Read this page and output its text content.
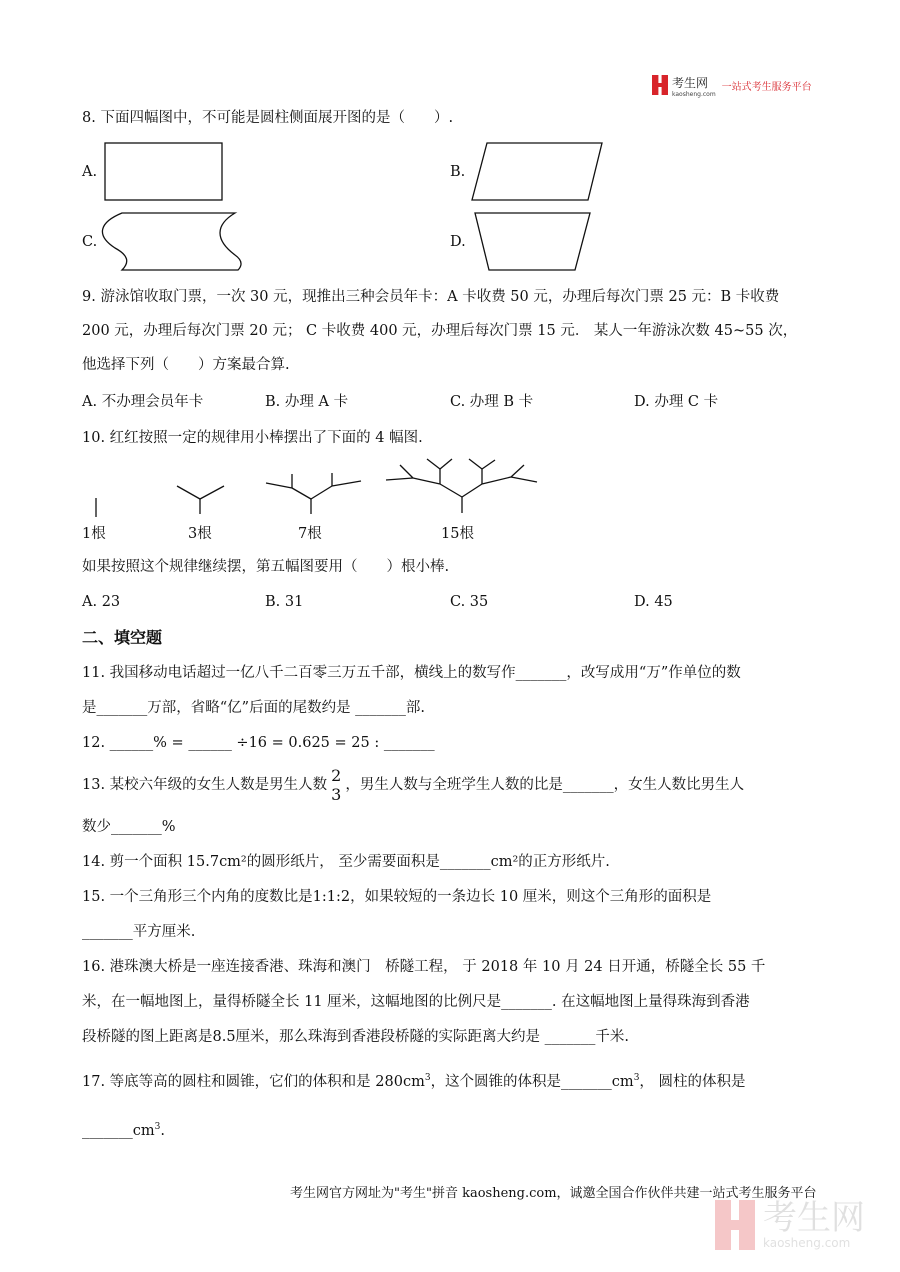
考生网
kaosheng.com
一站式考生服务平台
8. 下面四幅图中，不可能是圆柱侧面展开图的是（　　）.
A.	B.
C.	D.
9. 游泳馆收取门票，一次 30 元，现推出三种会员年卡：A 卡收费 50 元，办理后每次门票 25 元：B 卡收费
200 元，办理后每次门票 20 元； C 卡收费 400 元，办理后每次门票 15 元． 某人一年游泳次数 45~55 次，
他选择下列（　　）方案最合算.
A. 不办理会员年卡	B. 办理 A 卡	C. 办理 B 卡	D. 办理 C 卡
10. 红红按照一定的规律用小棒摆出了下面的 4 幅图.
1根	3根	7根	15根
如果按照这个规律继续摆，第五幅图要用（　　）根小棒.
A. 23	B. 31	C. 35	D. 45
二、填空题
11. 我国移动电话超过一亿八千二百零三万五千部，横线上的数写作_______，改写成用“万”作单位的数
是_______万部，省略“亿”后面的尾数约是 _______部.
12. ______% = ______ ÷16 = 0.625 = 25 : _______
13. 某校六年级的女生人数是男生人数
2
3 ，男生人数与全班学生人数的比是_______，女生人数比男生人
数少_______%
14. 剪一个面积 15.7cm²的圆形纸片， 至少需要面积是_______cm²的正方形纸片.
15. 一个三角形三个内角的度数比是1:1:2，如果较短的一条边长 10 厘米，则这个三角形的面积是
_______平方厘米.
16. 港珠澳大桥是一座连接香港、珠海和澳门　桥隧工程， 于 2018 年 10 月 24 日开通，桥隧全长 55 千
米，在一幅地图上，量得桥隧全长 11 厘米，这幅地图的比例尺是_______. 在这幅地图上量得珠海到香港
段桥隧的图上距离是8.5厘米，那么珠海到香港段桥隧的实际距离大约是 _______千米.
17. 等底等高的圆柱和圆锥，它们的体积和是 $280cm^3$，这个圆锥的体积是$\_\_\_\_\_\_\_cm^3$， 圆柱的体积是
$\_\_\_\_\_\_\_cm^3$.
考生网官方网址为"考生"拼音 kaosheng.com，诚邀全国合作伙伴共建一站式考生服务平台
考生网
kaosheng.com
